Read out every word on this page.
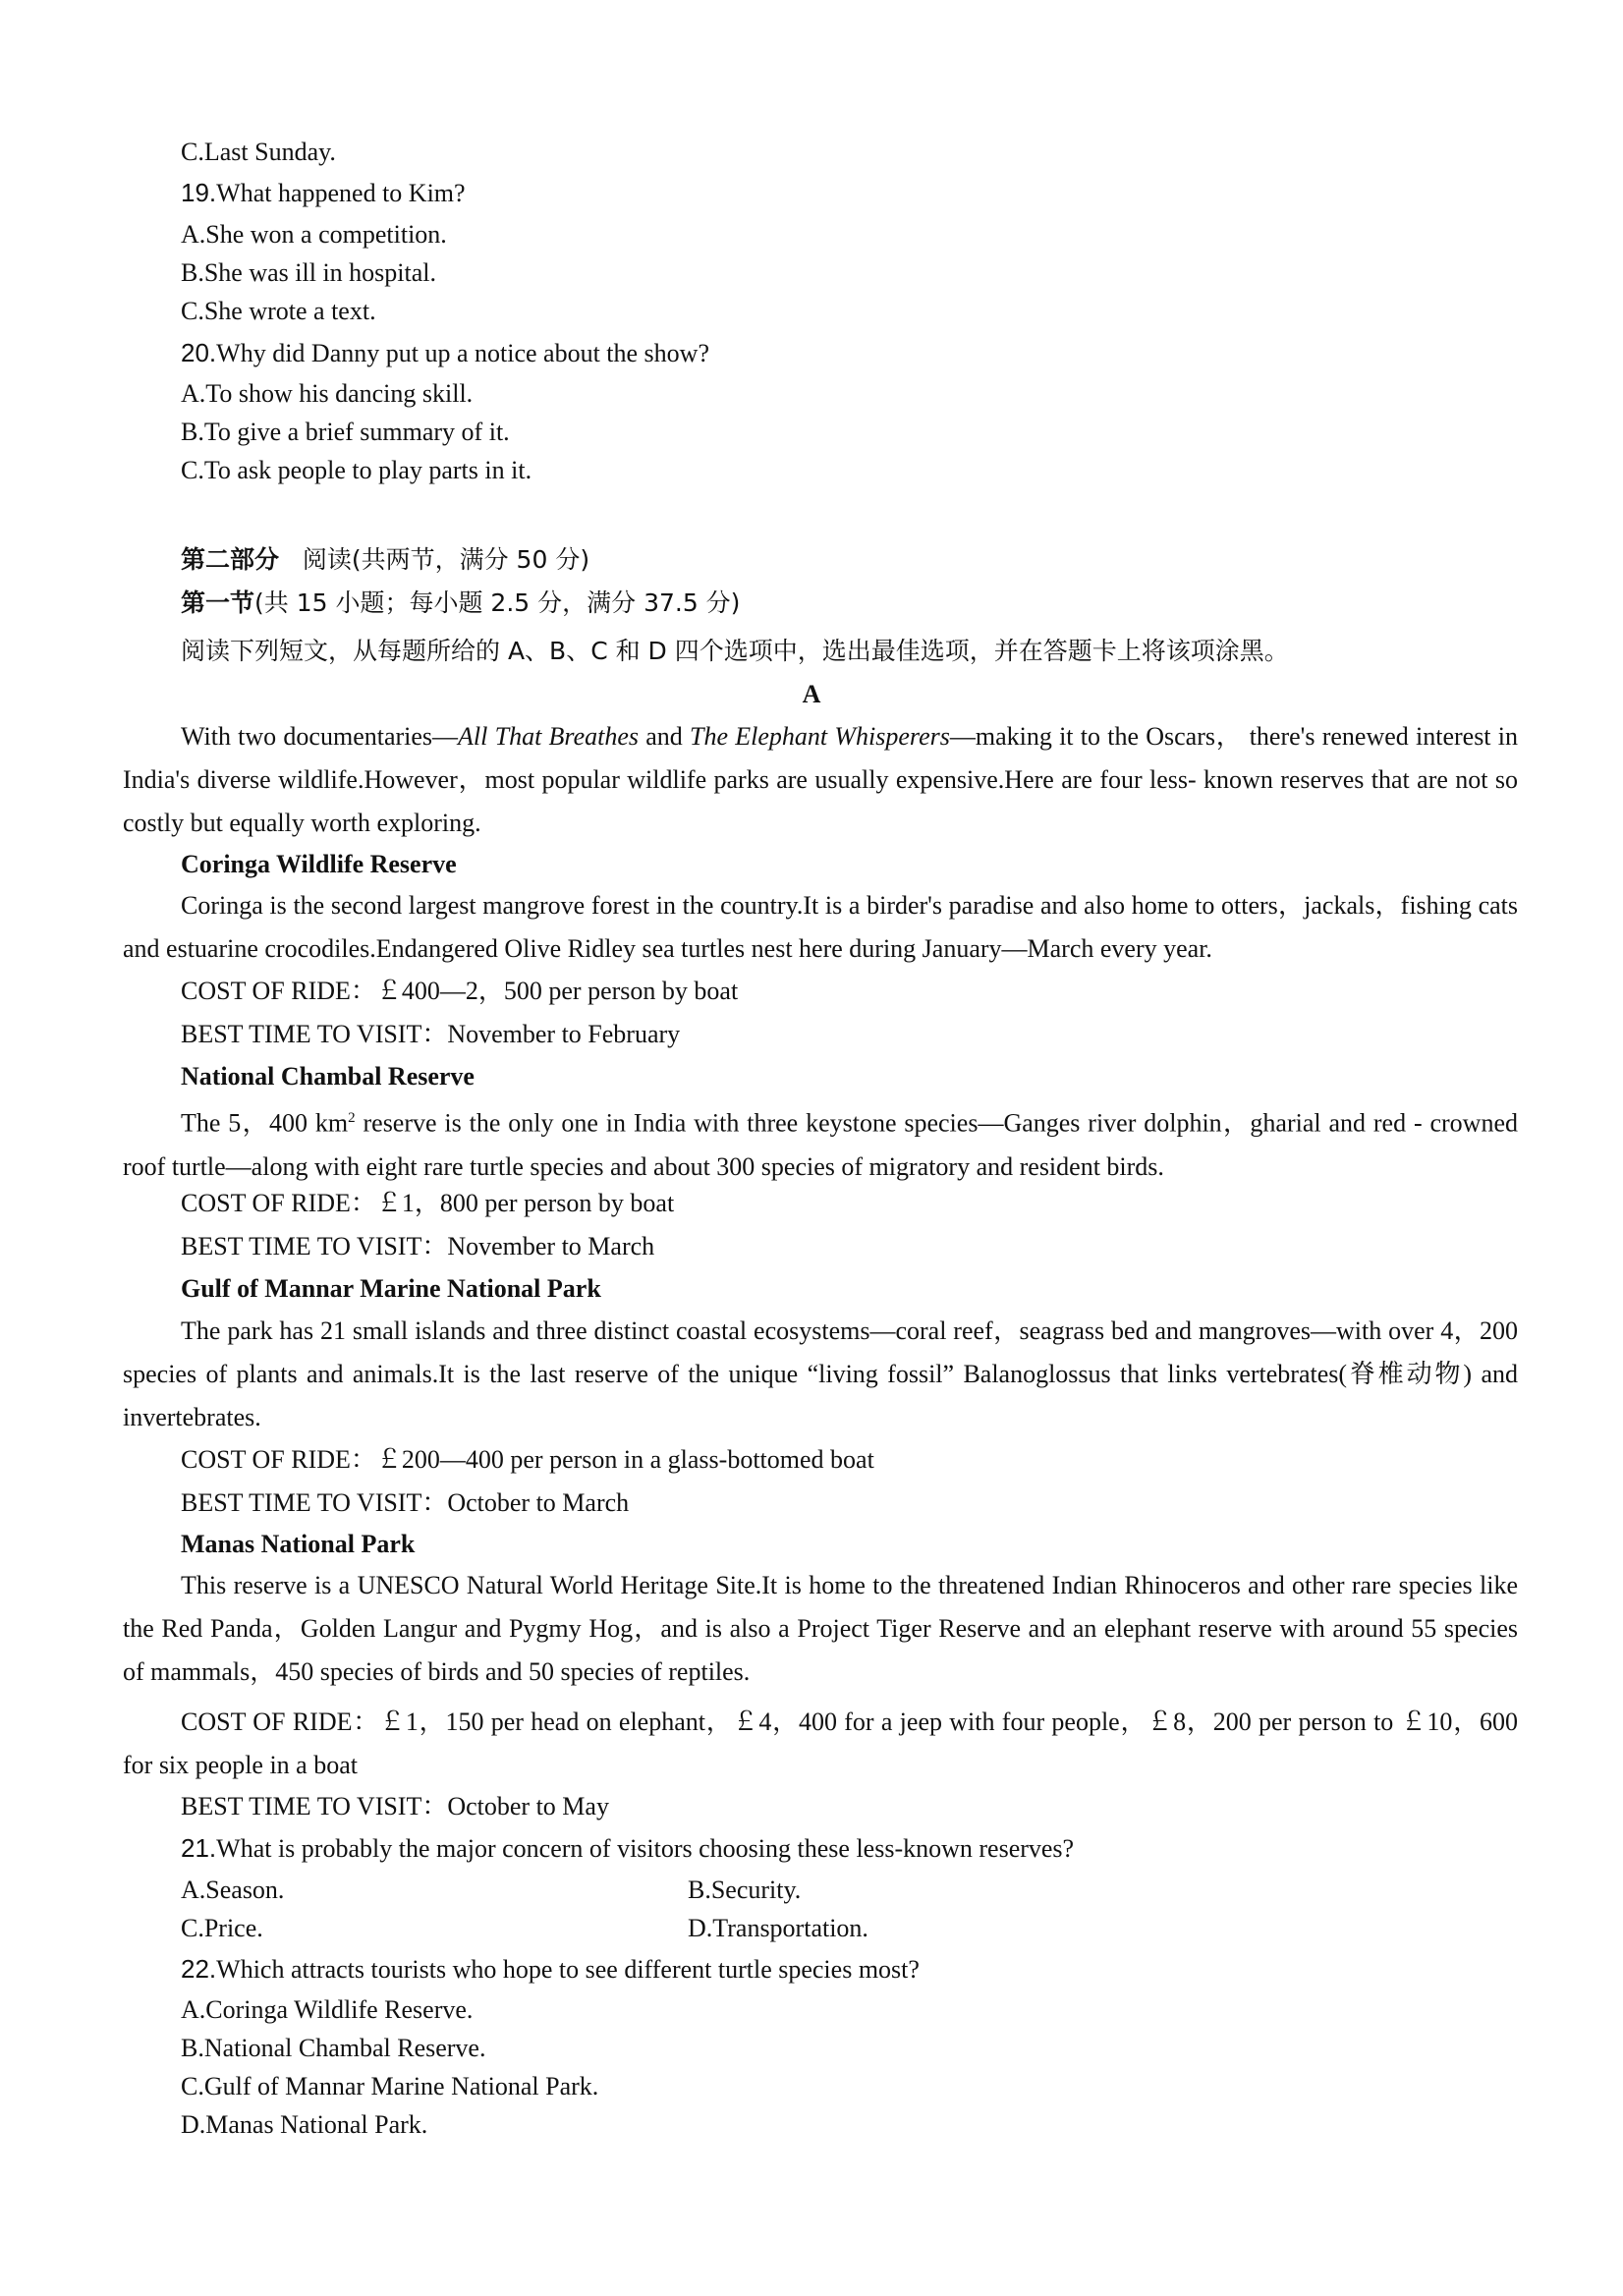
C.Last Sunday.
19.What happened to Kim?
A.She won a competition.
B.She was ill in hospital.
C.She wrote a text.
20.Why did Danny put up a notice about the show?
A.To show his dancing skill.
B.To give a brief summary of it.
C.To ask people to play parts in it.
第二部分 阅读(共两节，满分 50 分)
第一节(共 15 小题；每小题 2.5 分，满分 37.5 分)
阅读下列短文，从每题所给的 A、B、C 和 D 四个选项中，选出最佳选项，并在答题卡上将该项涂黑。
A
With two documentaries—All That Breathes and The Elephant Whisperers—making it to the Oscars， there's renewed interest in India's diverse wildlife.However，most popular wildlife parks are usually expensive.Here are four less- known reserves that are not so costly but equally worth exploring.
Coringa Wildlife Reserve
Coringa is the second largest mangrove forest in the country.It is a birder's paradise and also home to otters，jackals，fishing cats and estuarine crocodiles.Endangered Olive Ridley sea turtles nest here during January—March every year.
COST OF RIDE：￡400—2，500 per person by boat
BEST TIME TO VISIT：November to February
National Chambal Reserve
The 5，400 $km^2$ reserve is the only one in India with three keystone species—Ganges river dolphin，gharial and red - crowned roof turtle—along with eight rare turtle species and about 300 species of migratory and resident birds.
COST OF RIDE：￡1，800 per person by boat
BEST TIME TO VISIT：November to March
Gulf of Mannar Marine National Park
The park has 21 small islands and three distinct coastal ecosystems—coral reef，seagrass bed and mangroves—with over 4，200 species of plants and animals.It is the last reserve of the unique “living fossil” Balanoglossus that links vertebrates(脊椎动物) and invertebrates.
COST OF RIDE：￡200—400 per person in a glass-bottomed boat
BEST TIME TO VISIT：October to March
Manas National Park
This reserve is a UNESCO Natural World Heritage Site.It is home to the threatened Indian Rhinoceros and other rare species like the Red Panda，Golden Langur and Pygmy Hog，and is also a Project Tiger Reserve and an elephant reserve with around 55 species of mammals，450 species of birds and 50 species of reptiles.
COST OF RIDE：￡1，150 per head on elephant，￡4，400 for a jeep with four people，￡8，200 per person to ￡10，600 for six people in a boat
BEST TIME TO VISIT：October to May
21.What is probably the major concern of visitors choosing these less-known reserves?
A.Season.	B.Security.
C.Price.	D.Transportation.
22.Which attracts tourists who hope to see different turtle species most?
A.Coringa Wildlife Reserve.
B.National Chambal Reserve.
C.Gulf of Mannar Marine National Park.
D.Manas National Park.
